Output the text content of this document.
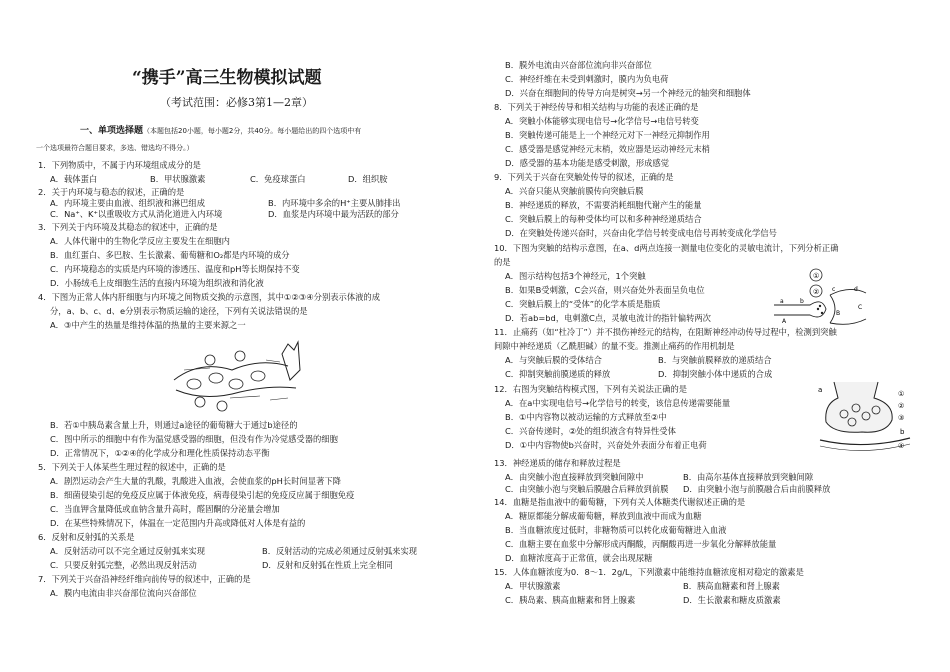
“携手”高三生物模拟试题
（考试范围：必修3第1—2章）
一、单项选择题（本题包括20小题，每小题2分，共40分。每小题给出的四个选项中有
一个选项最符合题目要求，多选、错选均不得分。）
1．下列物质中，不属于内环境组成成分的是
A．载体蛋白	B．甲状腺激素	C．免疫球蛋白	D．组织胺
2．关于内环境与稳态的叙述，正确的是
A．内环境主要由血液、组织液和淋巴组成	B．内环境中多余的H⁺主要从肺排出
C．Na⁺、K⁺以重吸收方式从消化道进入内环境	D．血浆是内环境中最为活跃的部分
3．下列关于内环境及其稳态的叙述中，正确的是
A．人体代谢中的生物化学反应主要发生在细胞内
B．血红蛋白、多巴胺、生长激素、葡萄糖和O₂都是内环境的成分
C．内环境稳态的实质是内环境的渗透压、温度和pH等长期保持不变
D．小肠绒毛上皮细胞生活的直接内环境为组织液和消化液
4．下图为正常人体内肝细胞与内环境之间物质交换的示意图，其中①②③④分别表示体液的成
分，a、b、c、d、e分别表示物质运输的途径，下列有关说法错误的是
A．③中产生的热量是维持体温的热量的主要来源之一
B．若①中胰岛素含量上升，则通过a途径的葡萄糖大于通过b途径的
C．图中所示的细胞中有作为温觉感受器的细胞，但没有作为冷觉感受器的细胞
D．正常情况下，①②④的化学成分和理化性质保持动态平衡
5．下列关于人体某些生理过程的叙述中，正确的是
A．剧烈运动会产生大量的乳酸，乳酸进入血液，会使血浆的pH长时间显著下降
B．细菌侵染引起的免疫反应属于体液免疫，病毒侵染引起的免疫反应属于细胞免疫
C．当血钾含量降低或血钠含量升高时，醛固酮的分泌量会增加
D．在某些特殊情况下，体温在一定范围内升高或降低对人体是有益的
6．反射和反射弧的关系是
A．反射活动可以不完全通过反射弧来实现	B．反射活动的完成必须通过反射弧来实现
C．只要反射弧完整，必然出现反射活动	D．反射和反射弧在性质上完全相同
7．下列关于兴奋沿神经纤维向前传导的叙述中，正确的是
A．膜内电流由非兴奋部位流向兴奋部位
B．膜外电流由兴奋部位流向非兴奋部位
C．神经纤维在未受到刺激时，膜内为负电荷
D．兴奋在细胞间的传导方向是树突→另一个神经元的轴突和细胞体
8．下列关于神经传导和相关结构与功能的表述正确的是
A．突触小体能够实现电信号→化学信号→电信号转变
B．突触传递可能是上一个神经元对下一神经元抑制作用
C．感受器是感觉神经元末梢，效应器是运动神经元末梢
D．感受器的基本功能是感受刺激，形成感觉
9．下列关于兴奋在突触处传导的叙述，正确的是
A．兴奋只能从突触前膜传向突触后膜
B．神经递质的释放，不需要消耗细胞代谢产生的能量
C．突触后膜上的每种受体均可以和多种神经递质结合
D．在突触处传递兴奋时，兴奋由化学信号转变成电信号再转变成化学信号
10．下图为突触的结构示意图，在a、d两点连接一测量电位变化的灵敏电流计，下列分析正确
的是
A．图示结构包括3个神经元，1个突触
B．如果B受刺激，C会兴奋，则兴奋处外表面呈负电位
C．突触后膜上的“受体”的化学本质是脂质
D．若ab=bd，电刺激C点，灵敏电流计的指针偏转两次
①
②
a	b
c	d
A
B
C
11．止痛药（如“杜冷丁”）并不损伤神经元的结构，在阻断神经冲动传导过程中，检测到突触
间隙中神经递质（乙酰胆碱）的量不变。推测止痛药的作用机制是
A．与突触后膜的受体结合	B．与突触前膜释放的递质结合
C．抑制突触前膜递质的释放	D．抑制突触小体中递质的合成
12．右图为突触结构模式图，下列有关说法正确的是
A．在a中实现电信号→化学信号的转变，该信息传递需要能量
B．①中内容物以被动运输的方式释放至②中
C．兴奋传递时，②处的组织液含有特异性受体
D．①中内容物使b兴奋时，兴奋处外表面分布着正电荷
a
b
①
②
③
④
13．神经递质的储存和释放过程是
A．由突触小泡直接释放到突触间隙中	B．由高尔基体直接释放到突触间隙
C．由突触小泡与突触后膜融合后释放到前膜 D．由突触小泡与前膜融合后由前膜释放
14．血糖是指血液中的葡萄糖，下列有关人体糖类代谢叙述正确的是
A．糖原都能分解成葡萄糖，释放到血液中而成为血糖
B．当血糖浓度过低时，非糖物质可以转化成葡萄糖进入血液
C．血糖主要在血浆中分解形成丙酮酸，丙酮酸再进一步氧化分解释放能量
D．血糖浓度高于正常值，就会出现尿糖
15．人体血糖浓度为0．8～1．2g/L，下列激素中能维持血糖浓度相对稳定的激素是
A．甲状腺激素	B．胰高血糖素和肾上腺素
C．胰岛素、胰高血糖素和肾上腺素	D．生长激素和糖皮质激素
